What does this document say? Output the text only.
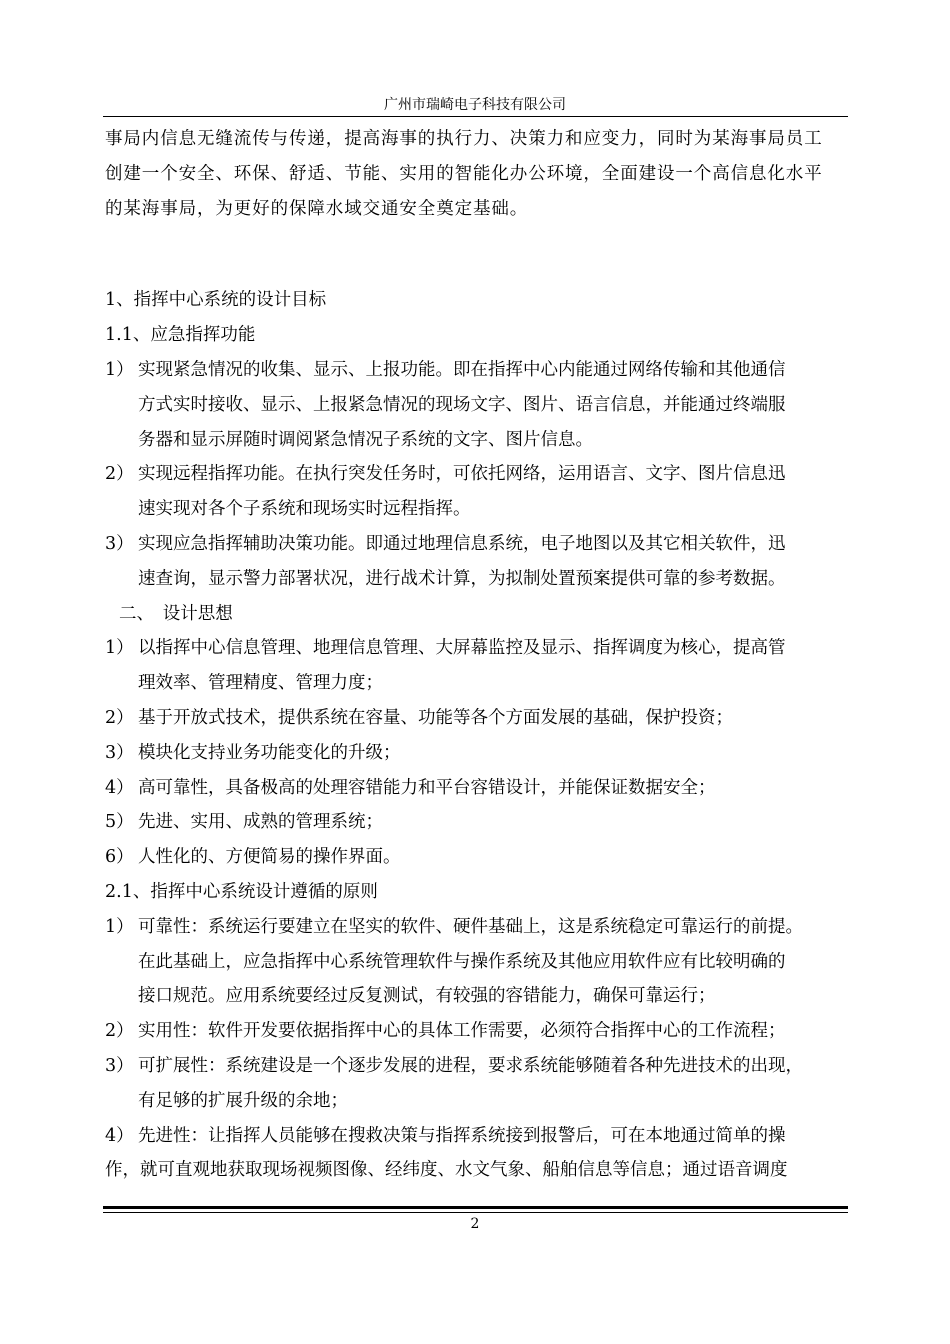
广州市瑞崎电子科技有限公司
事局内信息无缝流传与传递，提高海事的执行力、决策力和应变力，同时为某海事局员工
创建一个安全、环保、舒适、节能、实用的智能化办公环境，全面建设一个高信息化水平
的某海事局，为更好的保障水域交通安全奠定基础。
1、指挥中心系统的设计目标
1.1、应急指挥功能
1） 实现紧急情况的收集、显示、上报功能。即在指挥中心内能通过网络传输和其他通信
方式实时接收、显示、上报紧急情况的现场文字、图片、语言信息，并能通过终端服
务器和显示屏随时调阅紧急情况子系统的文字、图片信息。
2） 实现远程指挥功能。在执行突发任务时，可依托网络，运用语言、文字、图片信息迅
速实现对各个子系统和现场实时远程指挥。
3） 实现应急指挥辅助决策功能。即通过地理信息系统，电子地图以及其它相关软件，迅
速查询，显示警力部署状况，进行战术计算，为拟制处置预案提供可靠的参考数据。
二、　设计思想
1） 以指挥中心信息管理、地理信息管理、大屏幕监控及显示、指挥调度为核心，提高管
理效率、管理精度、管理力度；
2） 基于开放式技术，提供系统在容量、功能等各个方面发展的基础，保护投资；
3） 模块化支持业务功能变化的升级；
4） 高可靠性，具备极高的处理容错能力和平台容错设计，并能保证数据安全；
5） 先进、实用、成熟的管理系统；
6） 人性化的、方便简易的操作界面。
2.1、指挥中心系统设计遵循的原则
1） 可靠性：系统运行要建立在坚实的软件、硬件基础上，这是系统稳定可靠运行的前提。
在此基础上，应急指挥中心系统管理软件与操作系统及其他应用软件应有比较明确的
接口规范。应用系统要经过反复测试，有较强的容错能力，确保可靠运行；
2） 实用性：软件开发要依据指挥中心的具体工作需要，必须符合指挥中心的工作流程；
3） 可扩展性：系统建设是一个逐步发展的进程，要求系统能够随着各种先进技术的出现，
有足够的扩展升级的余地；
4） 先进性：让指挥人员能够在搜救决策与指挥系统接到报警后，可在本地通过简单的操
作，就可直观地获取现场视频图像、经纬度、水文气象、船舶信息等信息；通过语音调度
2
